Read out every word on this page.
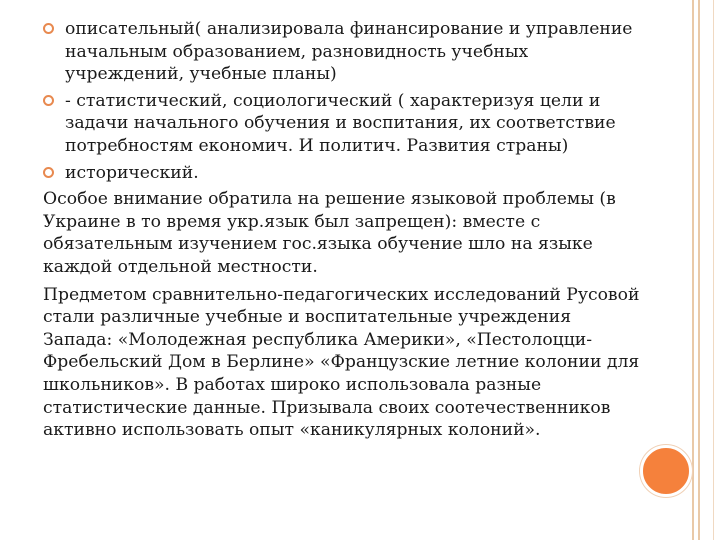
описательный( анализировала финансирование и управление начальным образованием, разновидность учебных учреждений, учебные планы)
- статистический, социологический ( характеризуя цели и задачи начального обучения и воспитания, их соответствие потребностям економич. И политич. Развития страны)
исторический.

Особое внимание обратила на решение языковой проблемы (в Украине в то время укр.язык был запрещен): вместе с обязательным изучением гос.языка обучение шло на языке каждой отдельной местности.

Предметом сравнительно-педагогических исследований Русовой стали различные учебные и воспитательные учреждения Запада: «Молодежная республика Америки», «Пестолоцци-Фребельский Дом в Берлине» «Французские летние колонии для школьников». В работах широко использовала разные статистические данные. Призывала своих соотечественников активно использовать опыт «каникулярных колоний».
